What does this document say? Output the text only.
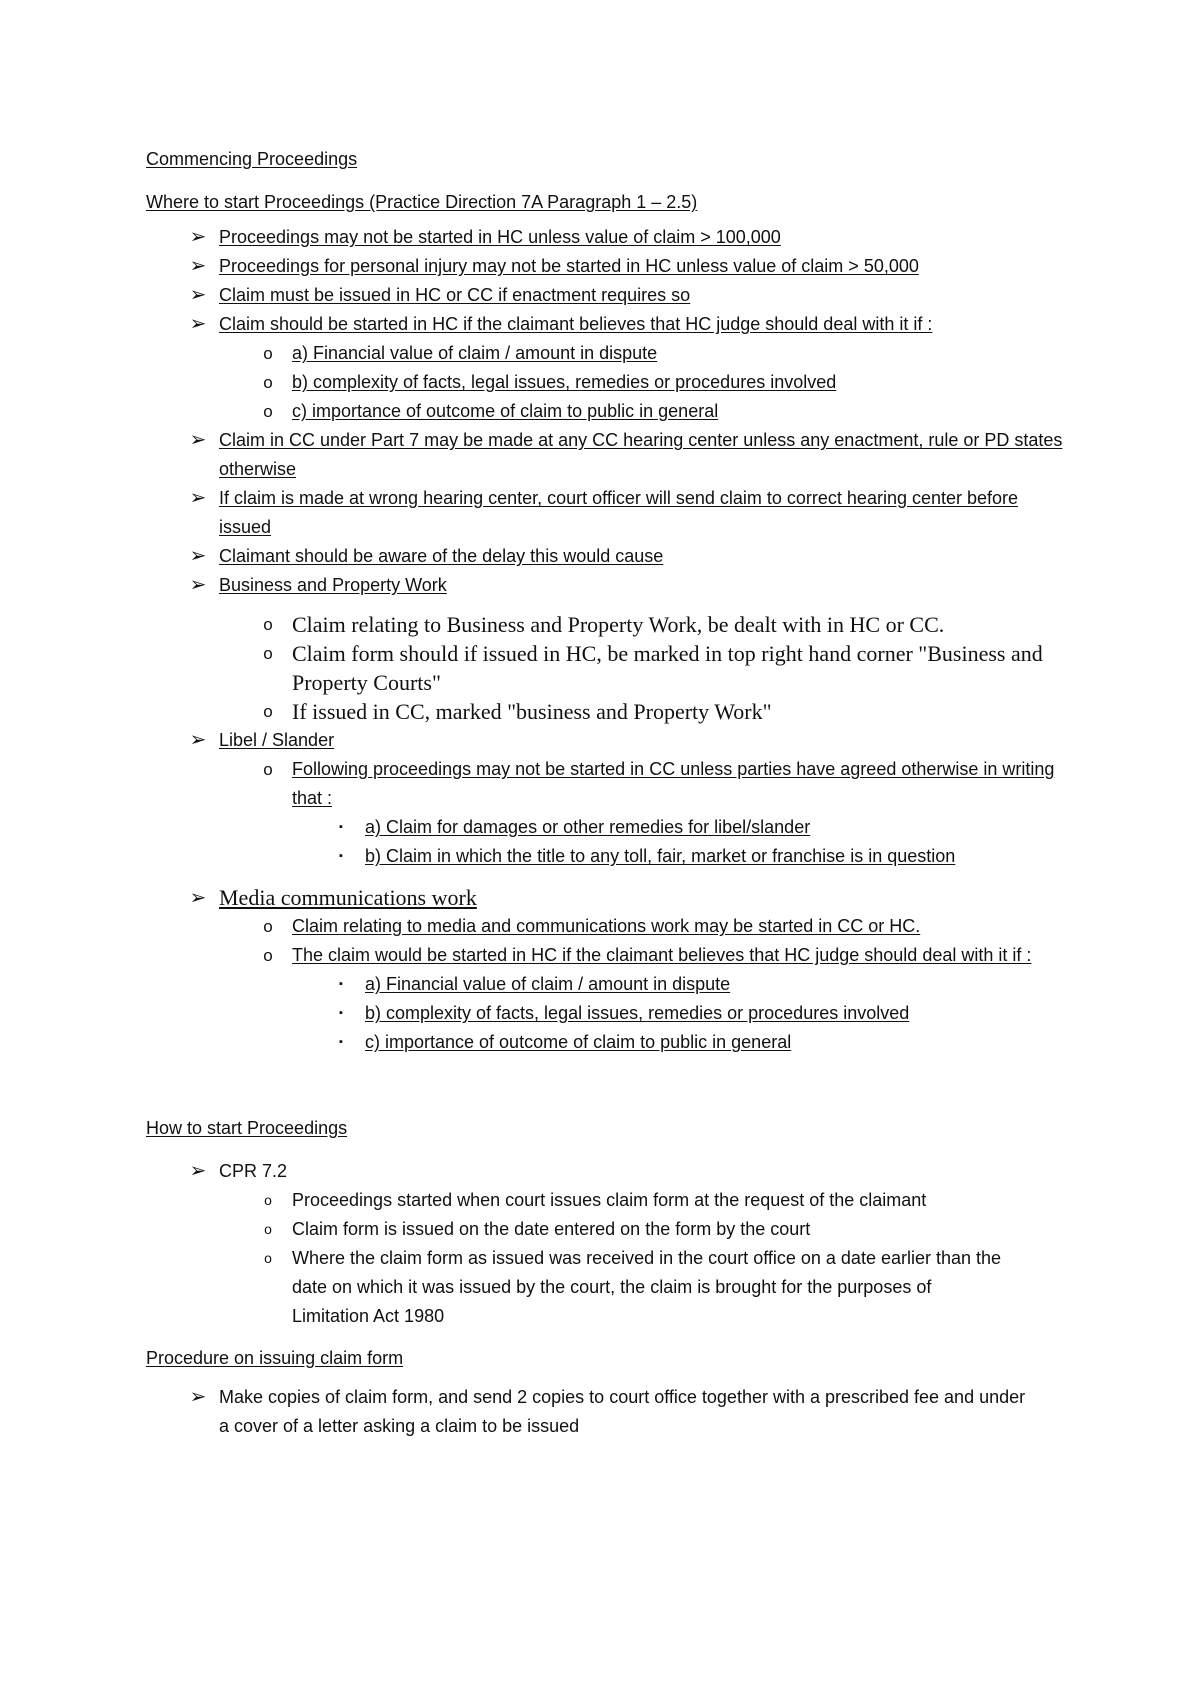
Commencing Proceedings
Where to start Proceedings (Practice Direction 7A Paragraph 1 – 2.5)
➢ Proceedings may not be started in HC unless value of claim > 100,000
➢ Proceedings for personal injury may not be started in HC unless value of claim > 50,000
➢ Claim must be issued in HC or CC if enactment requires so
➢ Claim should be started in HC if the claimant believes that HC judge should deal with it if :
o	a) Financial value of claim / amount in dispute
o	b) complexity of facts, legal issues, remedies or procedures involved
o	c) importance of outcome of claim to public in general
➢ Claim in CC under Part 7 may be made at any CC hearing center unless any enactment, rule or PD states otherwise
➢ If claim is made at wrong hearing center, court officer will send claim to correct hearing center before issued
➢ Claimant should be aware of the delay this would cause
➢ Business and Property Work
o Claim relating to Business and Property Work, be dealt with in HC or CC.
o Claim form should if issued in HC, be marked in top right hand corner "Business and Property Courts"
o If issued in CC, marked "business and Property Work"
➢ Libel / Slander
o	Following proceedings may not be started in CC unless parties have agreed otherwise in writing that :
▪	a) Claim for damages or other remedies for libel/slander
▪	b) Claim in which the title to any toll, fair, market or franchise is in question
➢ Media communications work
o	Claim relating to media and communications work may be started in CC or HC.
o	The claim would be started in HC if the claimant believes that HC judge should deal with it if :
▪	a) Financial value of claim / amount in dispute
▪	b) complexity of facts, legal issues, remedies or procedures involved
▪	c) importance of outcome of claim to public in general
How to start Proceedings
➢ CPR 7.2
o	Proceedings started when court issues claim form at the request of the claimant
o	Claim form is issued on the date entered on the form by the court
o	Where the claim form as issued was received in the court office on a date earlier than the date on which it was issued by the court, the claim is brought for the purposes of Limitation Act 1980
Procedure on issuing claim form
➢ Make copies of claim form, and send 2 copies to court office together with a prescribed fee and under a cover of a letter asking a claim to be issued
